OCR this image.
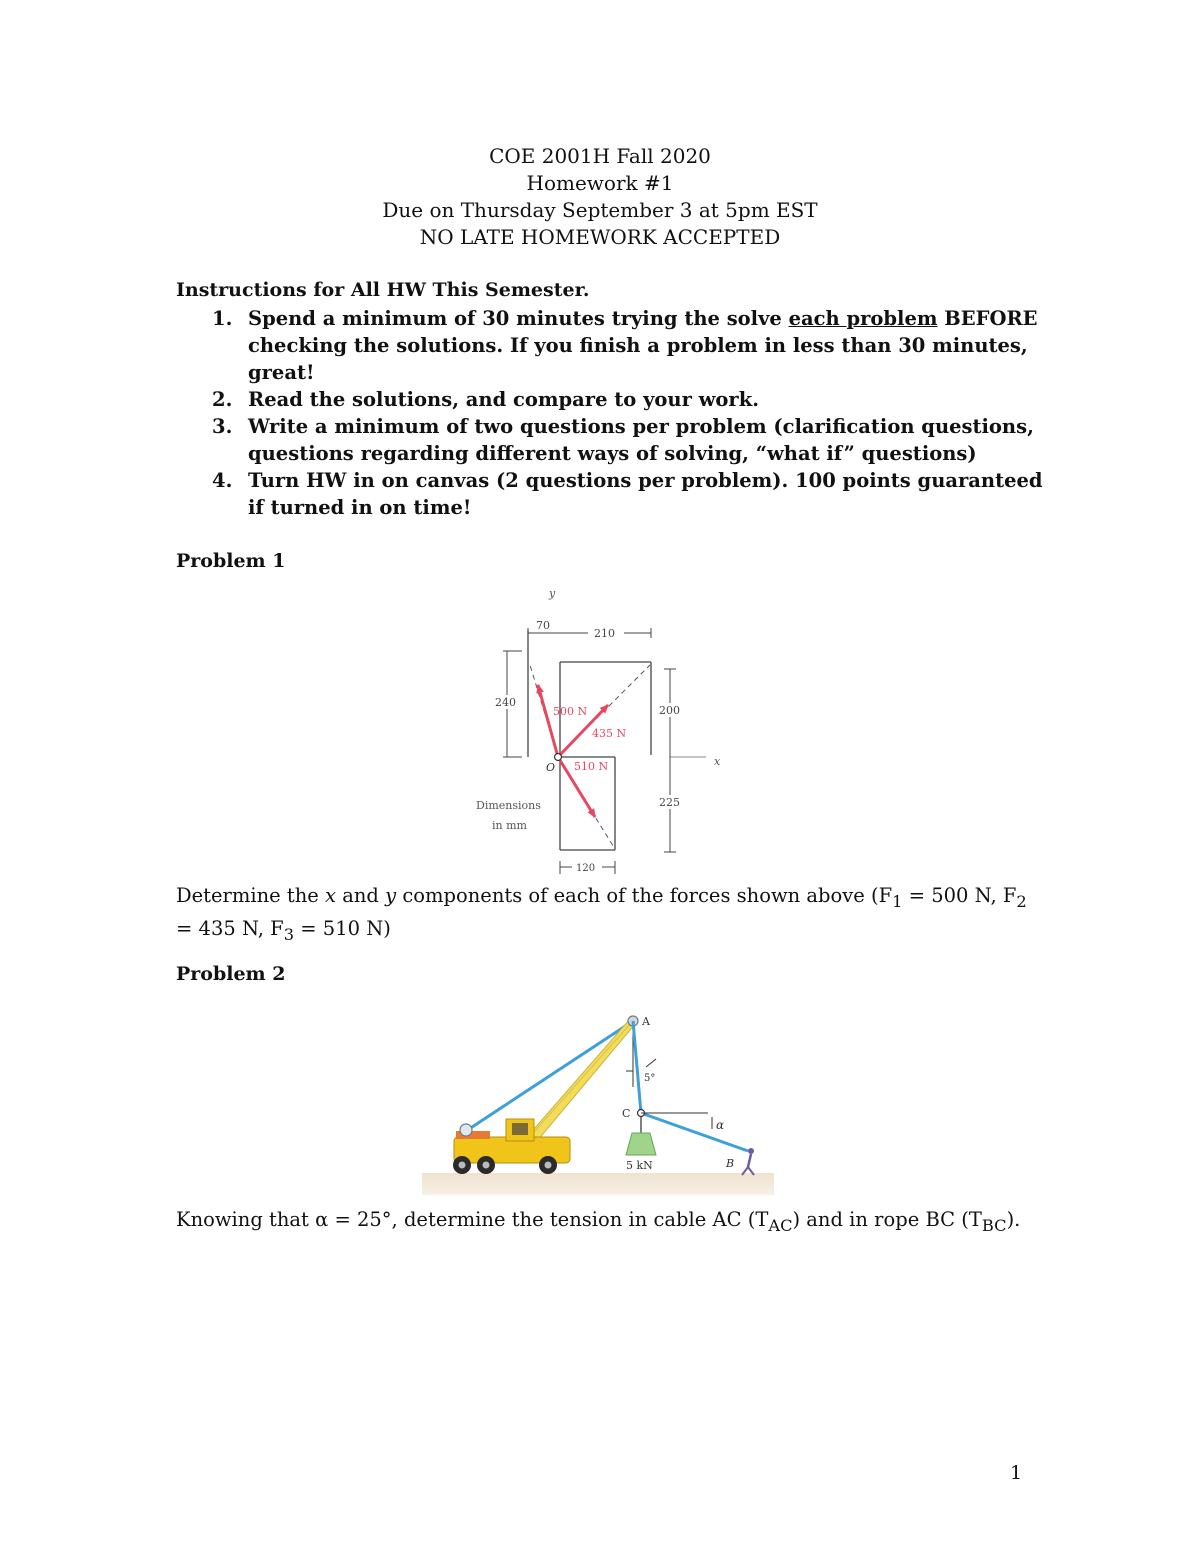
COE 2001H Fall 2020
Homework #1
Due on Thursday September 3 at 5pm EST
NO LATE HOMEWORK ACCEPTED
Instructions for All HW This Semester.
1. Spend a minimum of 30 minutes trying the solve each problem BEFORE checking the solutions. If you finish a problem in less than 30 minutes, great!
2. Read the solutions, and compare to your work.
3. Write a minimum of two questions per problem (clarification questions, questions regarding different ways of solving, “what if” questions)
4. Turn HW in on canvas (2 questions per problem). 100 points guaranteed if turned in on time!
Problem 1
y
x
O
70
210
240
200
225
120
500 N
435 N
510 N
Dimensions
in mm
Determine the x and y components of each of the forces shown above ($F_1 = 500$ N, $F_2 = 435$ N, $F_3 = 510$ N)
Problem 2
A
C
B
α
5°
5 kN
Knowing that α = 25°, determine the tension in cable AC $(T_{AC})$ and in rope BC $(T_{BC})$.
1
